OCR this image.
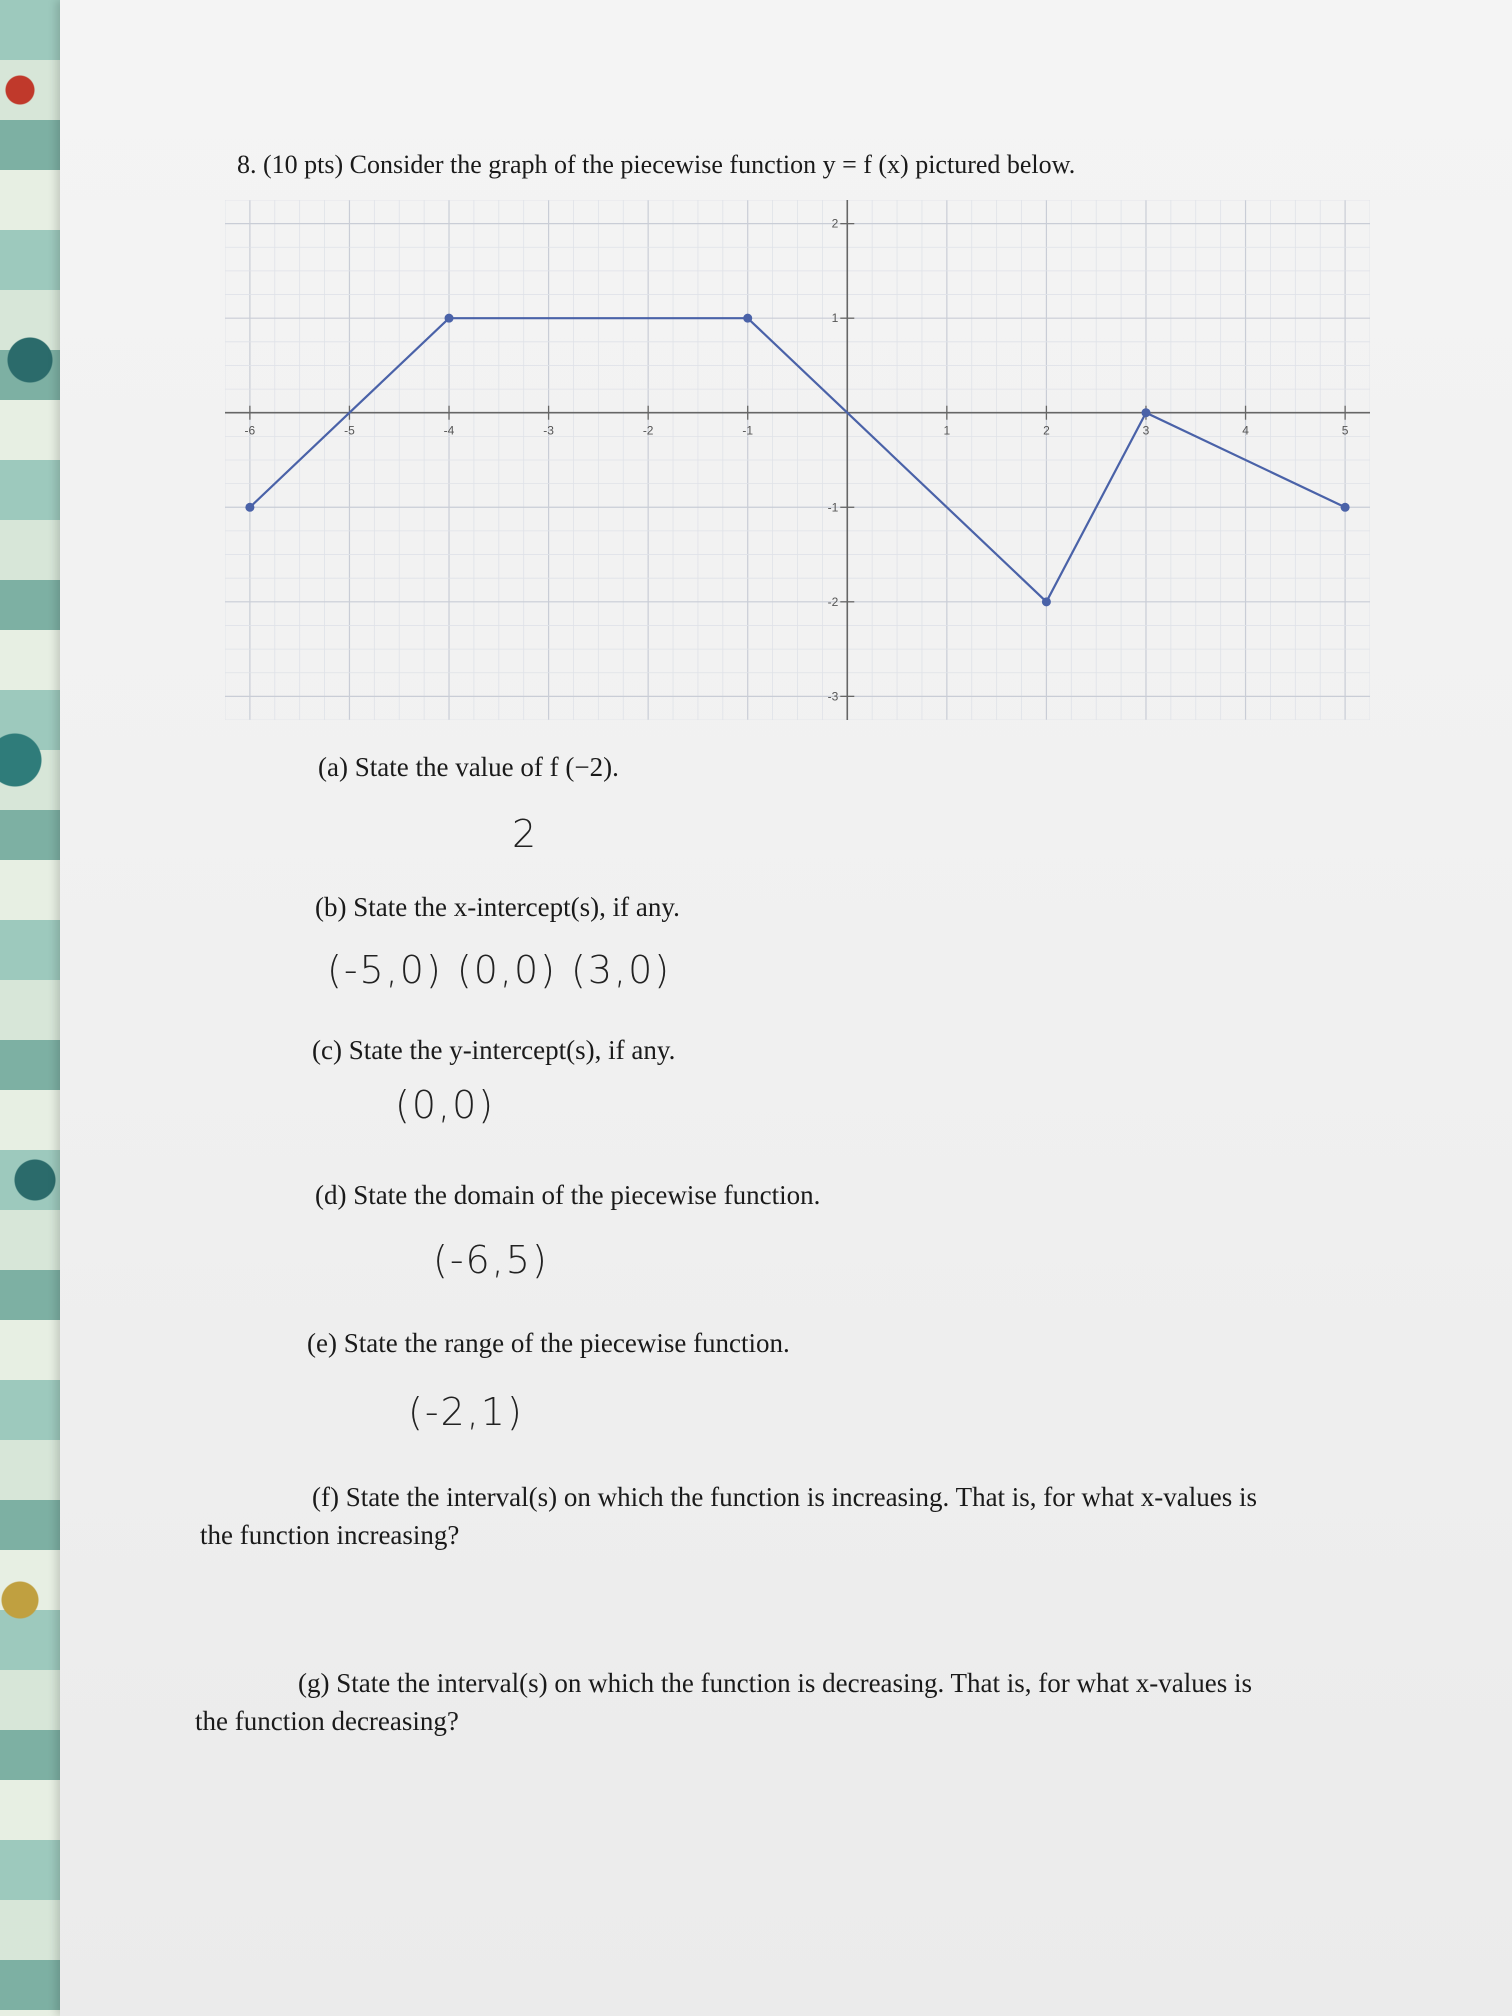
8. (10 pts) Consider the graph of the piecewise function y = f (x) pictured below.
-6	-5	-4	-3	-2	-1	1	2	3	4	5
2
1
-1
-2
-3
(a) State the value of f (−2).
2
(b) State the x-intercept(s), if any.
(-5,0) (0,0) (3,0)
(c) State the y-intercept(s), if any.
(0,0)
(d) State the domain of the piecewise function.
(-6,5)
(e) State the range of the piecewise function.
(-2,1)
(f) State the interval(s) on which the function is increasing. That is, for what x-values is
the function increasing?
(g) State the interval(s) on which the function is decreasing. That is, for what x-values is
the function decreasing?
